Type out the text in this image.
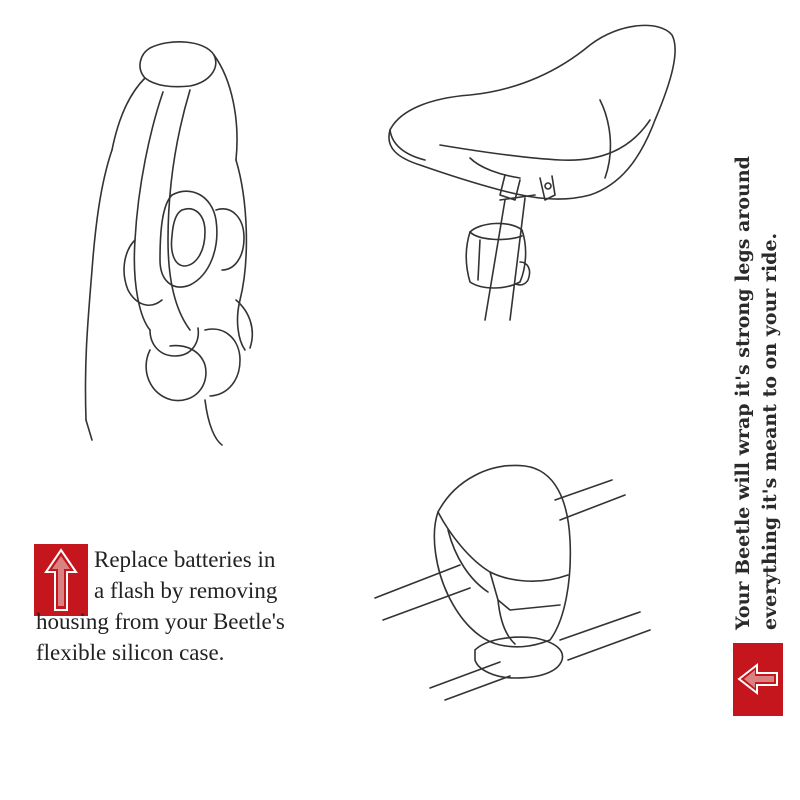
Replace batteries in
a flash by removing
housing from your Beetle's
flexible silicon case.
Your Beetle will wrap it's strong legs around everything it's meant to on your ride.
